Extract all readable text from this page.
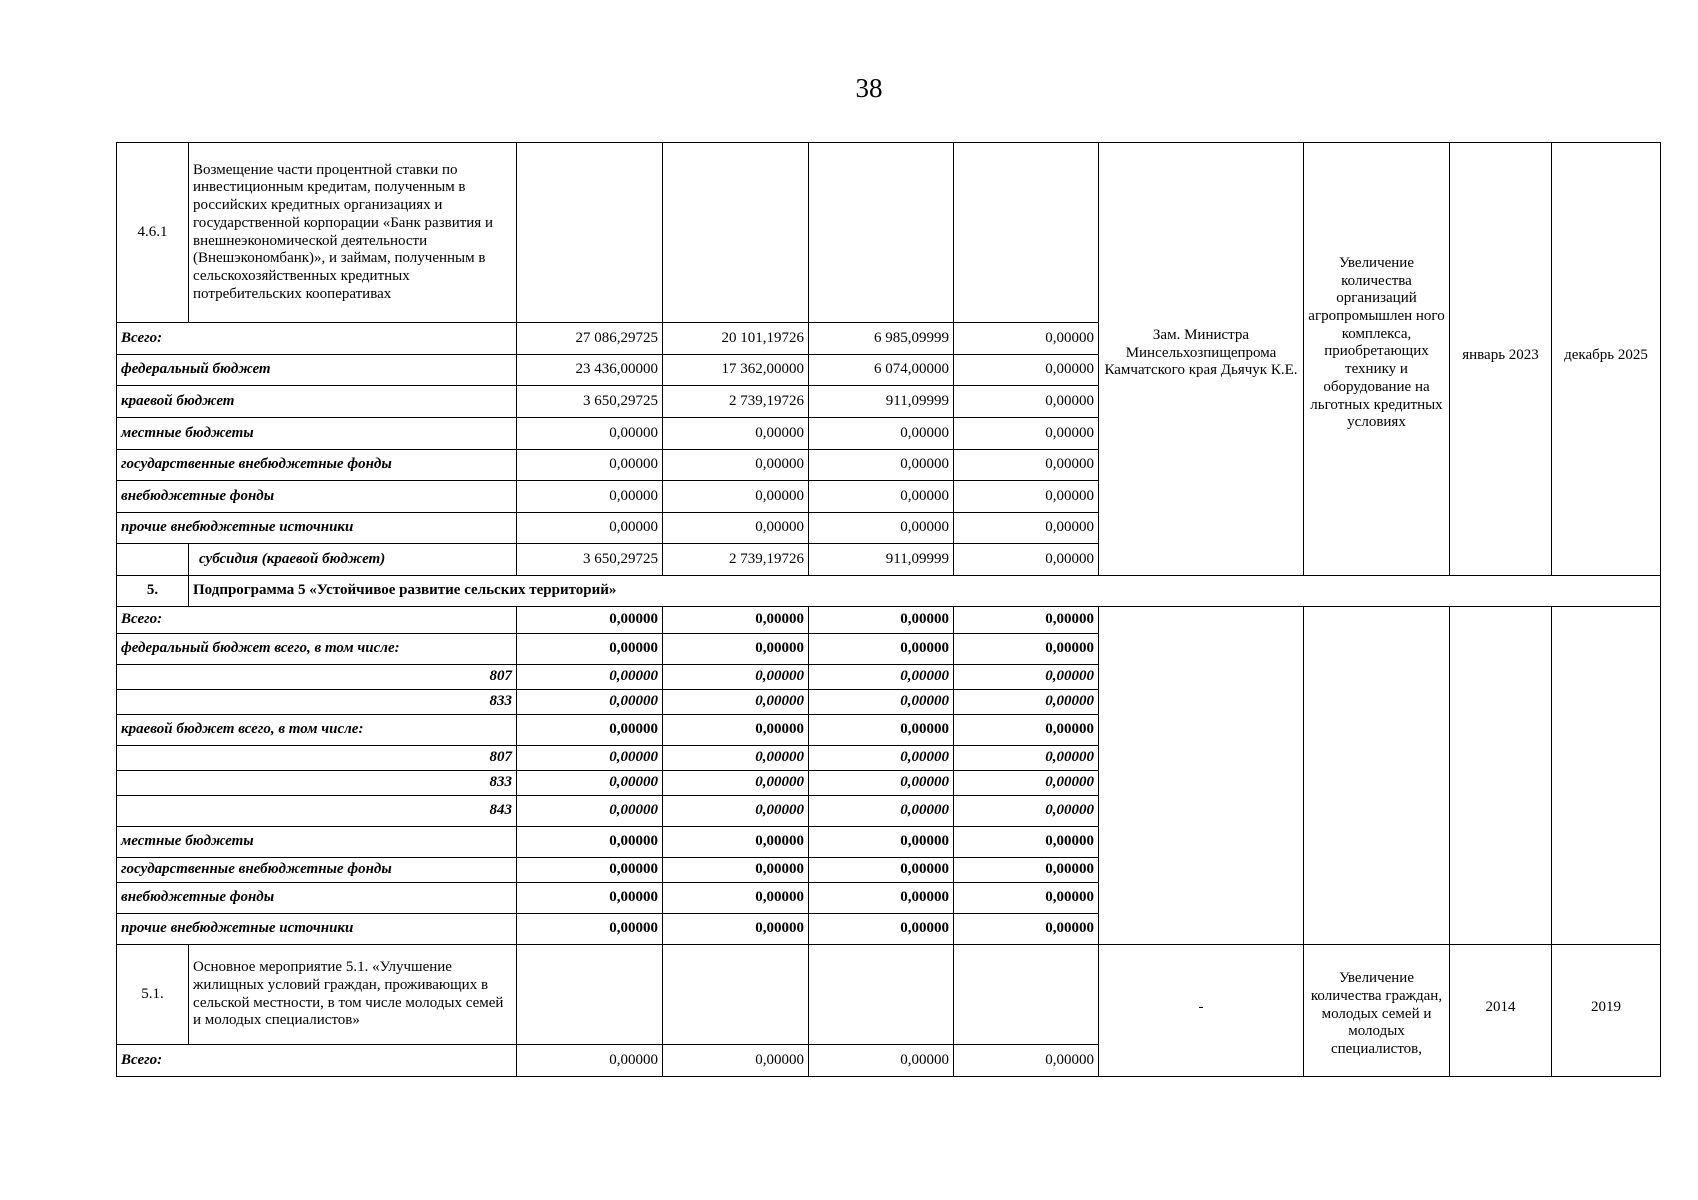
38
4.6.1	Возмещение части процентной ставки по инвестиционным кредитам, полученным в российских кредитных организациях и государственной корпорации «Банк развития и внешнеэкономической деятельности (Внешэкономбанк)», и займам, полученным в сельскохозяйственных кредитных потребительских кооперативах					Зам. Министра Минсельхозпищепрома Камчатского края Дьячук К.Е.	Увеличение количества организаций агропромышлен ного комплекса, приобретающих технику и оборудование на льготных кредитных условиях	январь 2023	декабрь 2025
Всего:		27 086,29725	20 101,19726	6 985,09999	0,00000				
федеральный бюджет		23 436,00000	17 362,00000	6 074,00000	0,00000				
краевой бюджет		3 650,29725	2 739,19726	911,09999	0,00000				
местные бюджеты		0,00000	0,00000	0,00000	0,00000				
государственные внебюджетные фонды		0,00000	0,00000	0,00000	0,00000				
внебюджетные фонды		0,00000	0,00000	0,00000	0,00000				
прочие внебюджетные источники		0,00000	0,00000	0,00000	0,00000				
	субсидия (краевой бюджет)	3 650,29725	2 739,19726	911,09999	0,00000				
5.	Подпрограмма 5 «Устойчивое развитие сельских территорий»								
Всего:		0,00000	0,00000	0,00000	0,00000				
федеральный бюджет всего, в том числе:		0,00000	0,00000	0,00000	0,00000				
807		0,00000	0,00000	0,00000	0,00000				
833		0,00000	0,00000	0,00000	0,00000				
краевой бюджет всего, в том числе:		0,00000	0,00000	0,00000	0,00000				
807		0,00000	0,00000	0,00000	0,00000				
833		0,00000	0,00000	0,00000	0,00000				
843		0,00000	0,00000	0,00000	0,00000				
местные бюджеты		0,00000	0,00000	0,00000	0,00000				
государственные внебюджетные фонды		0,00000	0,00000	0,00000	0,00000				
внебюджетные фонды		0,00000	0,00000	0,00000	0,00000				
прочие внебюджетные источники		0,00000	0,00000	0,00000	0,00000				
5.1.	Основное мероприятие 5.1. «Улучшение жилищных условий граждан, проживающих в сельской местности, в том числе молодых семей и молодых специалистов»					-	Увеличение количества граждан, молодых семей и молодых специалистов,	2014	2019
Всего:		0,00000	0,00000	0,00000	0,00000				
